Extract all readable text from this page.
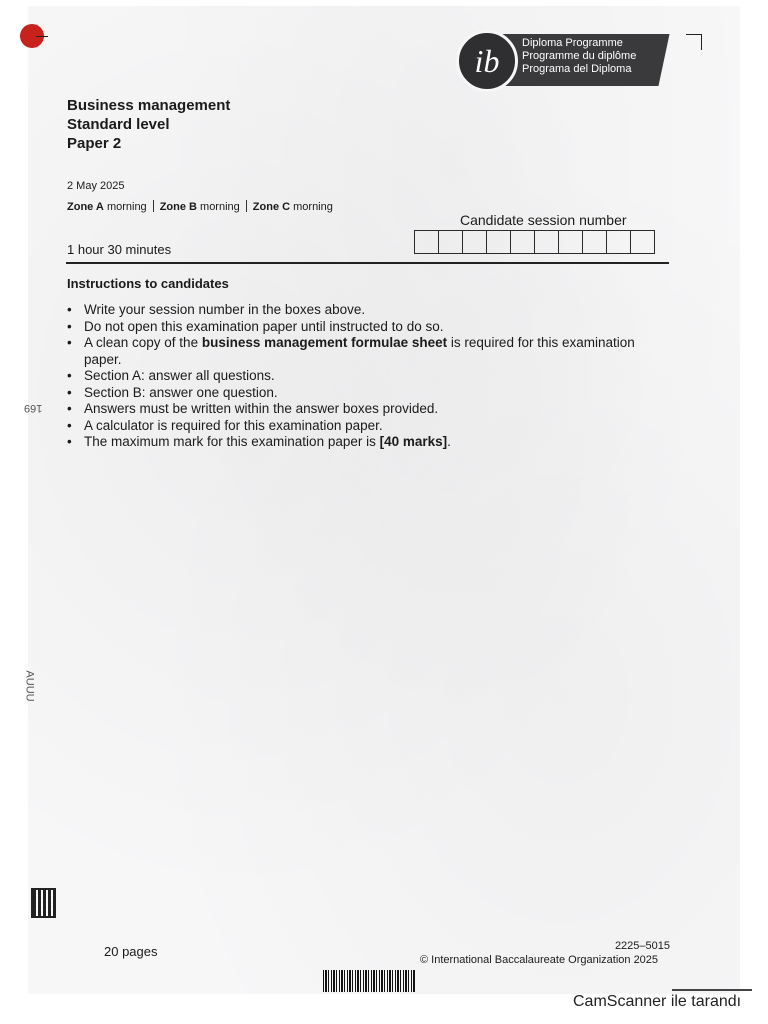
ib Diploma Programme
Programme du diplôme
Programa del Diploma
Business management
Standard level
Paper 2
2 May 2025
Zone A morning Zone B morning Zone C morning
Candidate session number
1 hour 30 minutes
Instructions to candidates
• Write your session number in the boxes above.
• Do not open this examination paper until instructed to do so.
• A clean copy of the business management formulae sheet is required for this examination paper.
• Section A: answer all questions.
• Section B: answer one question.
• Answers must be written within the answer boxes provided.
• A calculator is required for this examination paper.
• The maximum mark for this examination paper is [40 marks].
169
AUUU
20 pages	2225–5015
© International Baccalaureate Organization 2025
CamScanner ile tarandı
